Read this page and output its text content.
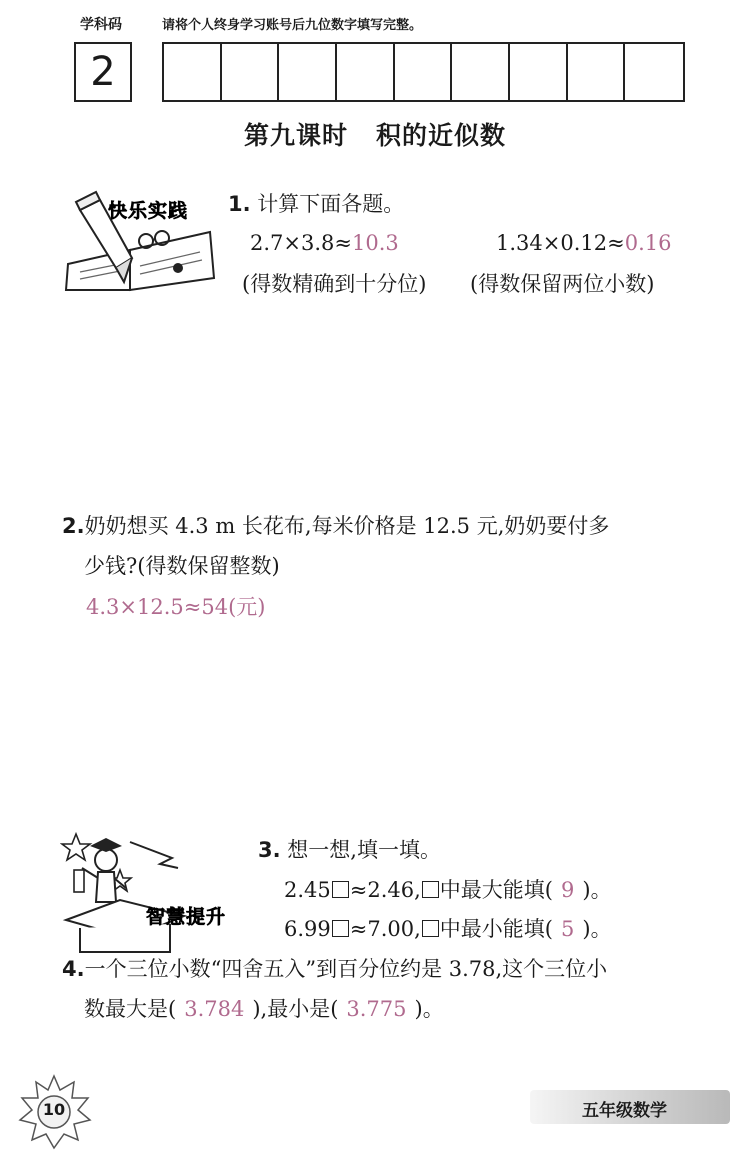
学科码	请将个人终身学习账号后九位数字填写完整。
2
第九课时 积的近似数
快乐实践 1. 计算下面各题。
2.7×3.8≈10.3	1.34×0.12≈0.16
(得数精确到十分位) (得数保留两位小数)
2.奶奶想买 4.3 m 长花布,每米价格是 12.5 元,奶奶要付多
少钱?(得数保留整数)
4.3×12.5≈54(元)
智慧提升
3. 想一想,填一填。
2.45 ≈2.46, 中最大能填( 9 )。
6.99 ≈7.00, 中最小能填( 5 )。
4.一个三位小数“四舍五入”到百分位约是 3.78,这个三位小
数最大是( 3.784 ),最小是( 3.775 )。
10	五年级数学
